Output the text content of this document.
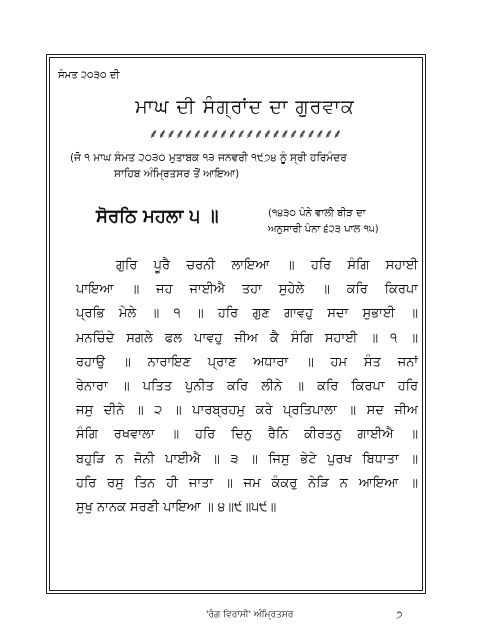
ਸੰਮਤ ੨੦੩੦ ਦੀ
ਮਾਘ ਦੀ ਸੰਗ੍ਰਾਂਦ ਦਾ ਗੁਰਵਾਕ
⸙⸙⸙⸙⸙⸙⸙⸙⸙⸙⸙⸙⸙⸙⸙⸙⸙⸙⸙⸙⸙⸙
(ਜੋ ੧ ਮਾਘ ਸੰਮਤ ੨੦੩੦ ਮੁਤਾਬਕ ੧੩ ਜਨਵਰੀ ੧੯੭੪ ਨੂੰ ਸ੍ਰੀ ਹਰਿਮੰਦਰ
ਸਾਹਿਬ ਅੰਮ੍ਰਿਤਸਰ ਤੋਂ ਆਇਆ)
ਸੋਰਠਿ ਮਹਲਾ ੫ ॥	(੧੪੩੦ ਪੰਨੇ ਵਾਲੀ ਬੀੜ ਦਾ
ਅਨੁਸਾਰੀ ਪੰਨਾ ੬੨੩ ਪਾਲ ੧੫)
ਗੁਰਿ ਪੂਰੈ ਚਰਨੀ ਲਾਇਆ ॥ ਹਰਿ ਸੰਗਿ ਸਹਾਈ
ਪਾਇਆ ॥ ਜਹ ਜਾਈਐ ਤਹਾ ਸੁਹੇਲੇ ॥ ਕਰਿ ਕਿਰਪਾ
ਪ੍ਰਭਿ ਮੇਲੇ ॥ ੧ ॥ ਹਰਿ ਗੁਣ ਗਾਵਹੁ ਸਦਾ ਸੁਭਾਈ ॥
ਮਨਚਿੰਦੇ ਸਗਲੇ ਫਲ ਪਾਵਹੁ ਜੀਅ ਕੈ ਸੰਗਿ ਸਹਾਈ ॥ ੧ ॥
ਰਹਾਉ ॥ ਨਾਰਾਇਣ ਪ੍ਰਾਣ ਅਧਾਰਾ ॥ ਹਮ ਸੰਤ ਜਨਾਂ
ਰੇਨਾਰਾ ॥ ਪਤਿਤ ਪੁਨੀਤ ਕਰਿ ਲੀਨੇ ॥ ਕਰਿ ਕਿਰਪਾ ਹਰਿ
ਜਸੁ ਦੀਨੇ ॥ ੨ ॥ ਪਾਰਬ੍ਰਹਮੁ ਕਰੇ ਪ੍ਰਤਿਪਾਲਾ ॥ ਸਦ ਜੀਅ
ਸੰਗਿ ਰਖਵਾਲਾ ॥ ਹਰਿ ਦਿਨੁ ਰੈਨਿ ਕੀਰਤਨੁ ਗਾਈਐ ॥
ਬਹੁੜਿ ਨ ਜੋਨੀ ਪਾਈਐ ॥ ੩ ॥ ਜਿਸੁ ਭੇਟੇ ਪੁਰਖ ਬਿਧਾਤਾ ॥
ਹਰਿ ਰਸੁ ਤਿਨ ਹੀ ਜਾਤਾ ॥ ਜਮ ਕੰਕਰੁ ਨੇੜਿ ਨ ਆਇਆ ॥
ਸੁਖੁ ਨਾਨਕ ਸਰਣੀ ਪਾਇਆ ॥ ੪॥੯॥੫੯॥
'ਰੰਗ ਵਿਰਾਸੀ' ਅੰਮ੍ਰਿਤਸਰ	੭
